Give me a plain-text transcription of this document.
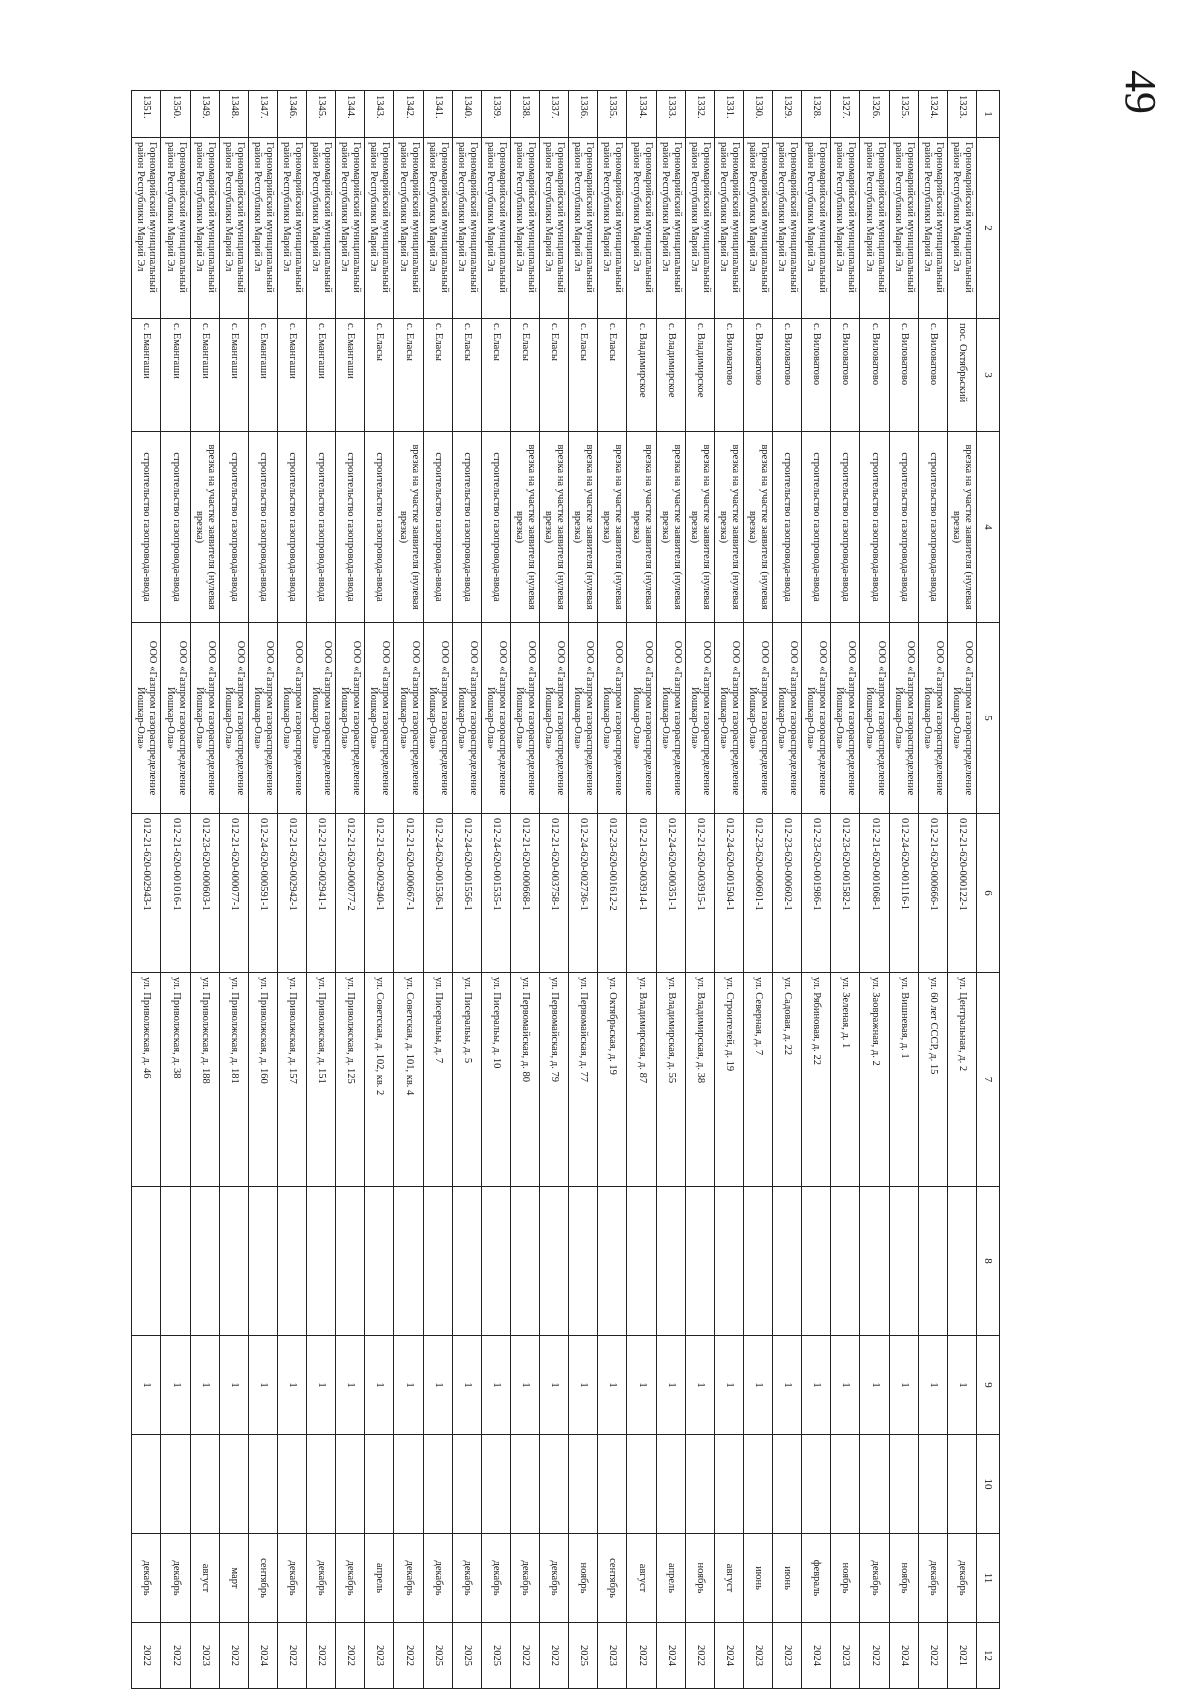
49
1	2	3	4	5	6	7	8	9	10	11	12
1323.	Горномарийский муниципальный район Республики Марий Эл	пос. Октябрьский	врезка на участке заявителя (нулевая врезка)	ООО «Газпром газораспределение Йошкар-Ола»	012-21-620-000122-1	ул. Центральная, д. 2		1		декабрь	2021
1324.	Горномарийский муниципальный район Республики Марий Эл	с. Виловатово	строительство газопровода-ввода	ООО «Газпром газораспределение Йошкар-Ола»	012-21-620-000666-1	ул. 60 лет СССР, д. 15		1		декабрь	2022
1325.	Горномарийский муниципальный район Республики Марий Эл	с. Виловатово	строительство газопровода-ввода	ООО «Газпром газораспределение Йошкар-Ола»	012-24-620-001116-1	ул. Вишневая, д. 1		1		ноябрь	2024
1326.	Горномарийский муниципальный район Республики Марий Эл	с. Виловатово	строительство газопровода-ввода	ООО «Газпром газораспределение Йошкар-Ола»	012-21-620-001068-1	ул. Заовражная, д. 2		1		декабрь	2022
1327.	Горномарийский муниципальный район Республики Марий Эл	с. Виловатово	строительство газопровода-ввода	ООО «Газпром газораспределение Йошкар-Ола»	012-23-620-001582-1	ул. Зеленая, д. 1		1		ноябрь	2023
1328.	Горномарийский муниципальный район Республики Марий Эл	с. Виловатово	строительство газопровода-ввода	ООО «Газпром газораспределение Йошкар-Ола»	012-23-620-001986-1	ул. Рябиновая, д. 22		1		февраль	2024
1329.	Горномарийский муниципальный район Республики Марий Эл	с. Виловатово	строительство газопровода-ввода	ООО «Газпром газораспределение Йошкар-Ола»	012-23-620-000602-1	ул. Садовая, д. 22		1		июнь	2023
1330.	Горномарийский муниципальный район Республики Марий Эл	с. Виловатово	врезка на участке заявителя (нулевая врезка)	ООО «Газпром газораспределение Йошкар-Ола»	012-23-620-000601-1	ул. Северная, д. 7		1		июнь	2023
1331.	Горномарийский муниципальный район Республики Марий Эл	с. Виловатово	врезка на участке заявителя (нулевая врезка)	ООО «Газпром газораспределение Йошкар-Ола»	012-24-620-001504-1	ул. Строителей, д. 19		1		август	2024
1332.	Горномарийский муниципальный район Республики Марий Эл	с. Владимирское	врезка на участке заявителя (нулевая врезка)	ООО «Газпром газораспределение Йошкар-Ола»	012-21-620-003915-1	ул. Владимирская, д. 38		1		ноябрь	2022
1333.	Горномарийский муниципальный район Республики Марий Эл	с. Владимирское	врезка на участке заявителя (нулевая врезка)	ООО «Газпром газораспределение Йошкар-Ола»	012-24-620-000351-1	ул. Владимирская, д. 55		1		апрель	2024
1334.	Горномарийский муниципальный район Республики Марий Эл	с. Владимирское	врезка на участке заявителя (нулевая врезка)	ООО «Газпром газораспределение Йошкар-Ола»	012-21-620-003914-1	ул. Владимирская, д. 87		1		август	2022
1335.	Горномарийский муниципальный район Республики Марий Эл	с. Еласы	врезка на участке заявителя (нулевая врезка)	ООО «Газпром газораспределение Йошкар-Ола»	012-23-620-001612-2	ул. Октябрьская, д. 19		1		сентябрь	2023
1336.	Горномарийский муниципальный район Республики Марий Эл	с. Еласы	врезка на участке заявителя (нулевая врезка)	ООО «Газпром газораспределение Йошкар-Ола»	012-24-620-002736-1	ул. Первомайская, д. 77		1		ноябрь	2025
1337.	Горномарийский муниципальный район Республики Марий Эл	с. Еласы	врезка на участке заявителя (нулевая врезка)	ООО «Газпром газораспределение Йошкар-Ола»	012-21-620-003758-1	ул. Первомайская, д. 79		1		декабрь	2022
1338.	Горномарийский муниципальный район Республики Марий Эл	с. Еласы	врезка на участке заявителя (нулевая врезка)	ООО «Газпром газораспределение Йошкар-Ола»	012-21-620-000668-1	ул. Первомайская, д. 80		1		декабрь	2022
1339.	Горномарийский муниципальный район Республики Марий Эл	с. Еласы	строительство газопровода-ввода	ООО «Газпром газораспределение Йошкар-Ола»	012-24-620-001535-1	ул. Писеральы, д. 10		1		декабрь	2025
1340.	Горномарийский муниципальный район Республики Марий Эл	с. Еласы	строительство газопровода-ввода	ООО «Газпром газораспределение Йошкар-Ола»	012-24-620-001556-1	ул. Писеральы, д. 5		1		декабрь	2025
1341.	Горномарийский муниципальный район Республики Марий Эл	с. Еласы	строительство газопровода-ввода	ООО «Газпром газораспределение Йошкар-Ола»	012-24-620-001536-1	ул. Писеральы, д. 7		1		декабрь	2025
1342.	Горномарийский муниципальный район Республики Марий Эл	с. Еласы	врезка на участке заявителя (нулевая врезка)	ООО «Газпром газораспределение Йошкар-Ола»	012-21-620-000667-1	ул. Советская, д. 101, кв. 4		1		декабрь	2022
1343.	Горномарийский муниципальный район Республики Марий Эл	с. Еласы	строительство газопровода-ввода	ООО «Газпром газораспределение Йошкар-Ола»	012-21-620-002940-1	ул. Советская, д. 102, кв. 2		1		апрель	2023
1344.	Горномарийский муниципальный район Республики Марий Эл	с. Емангаши	строительство газопровода-ввода	ООО «Газпром газораспределение Йошкар-Ола»	012-21-620-000077-2	ул. Приволжская, д. 125		1		декабрь	2022
1345.	Горномарийский муниципальный район Республики Марий Эл	с. Емангаши	строительство газопровода-ввода	ООО «Газпром газораспределение Йошкар-Ола»	012-21-620-002941-1	ул. Приволжская, д. 151		1		декабрь	2022
1346.	Горномарийский муниципальный район Республики Марий Эл	с. Емангаши	строительство газопровода-ввода	ООО «Газпром газораспределение Йошкар-Ола»	012-21-620-002942-1	ул. Приволжская, д. 157		1		декабрь	2022
1347.	Горномарийский муниципальный район Республики Марий Эл	с. Емангаши	строительство газопровода-ввода	ООО «Газпром газораспределение Йошкар-Ола»	012-24-620-000591-1	ул. Приволжская, д. 160		1		сентябрь	2024
1348.	Горномарийский муниципальный район Республики Марий Эл	с. Емангаши	строительство газопровода-ввода	ООО «Газпром газораспределение Йошкар-Ола»	012-21-620-000077-1	ул. Приволжская, д. 181		1		март	2022
1349.	Горномарийский муниципальный район Республики Марий Эл	с. Емангаши	врезка на участке заявителя (нулевая врезка)	ООО «Газпром газораспределение Йошкар-Ола»	012-23-620-000603-1	ул. Приволжская, д. 188		1		август	2023
1350.	Горномарийский муниципальный район Республики Марий Эл	с. Емангаши	строительство газопровода-ввода	ООО «Газпром газораспределение Йошкар-Ола»	012-21-620-001016-1	ул. Приволжская, д. 38		1		декабрь	2022
1351.	Горномарийский муниципальный район Республики Марий Эл	с. Емангаши	строительство газопровода-ввода	ООО «Газпром газораспределение Йошкар-Ола»	012-21-620-002943-1	ул. Приволжская, д. 46		1		декабрь	2022
